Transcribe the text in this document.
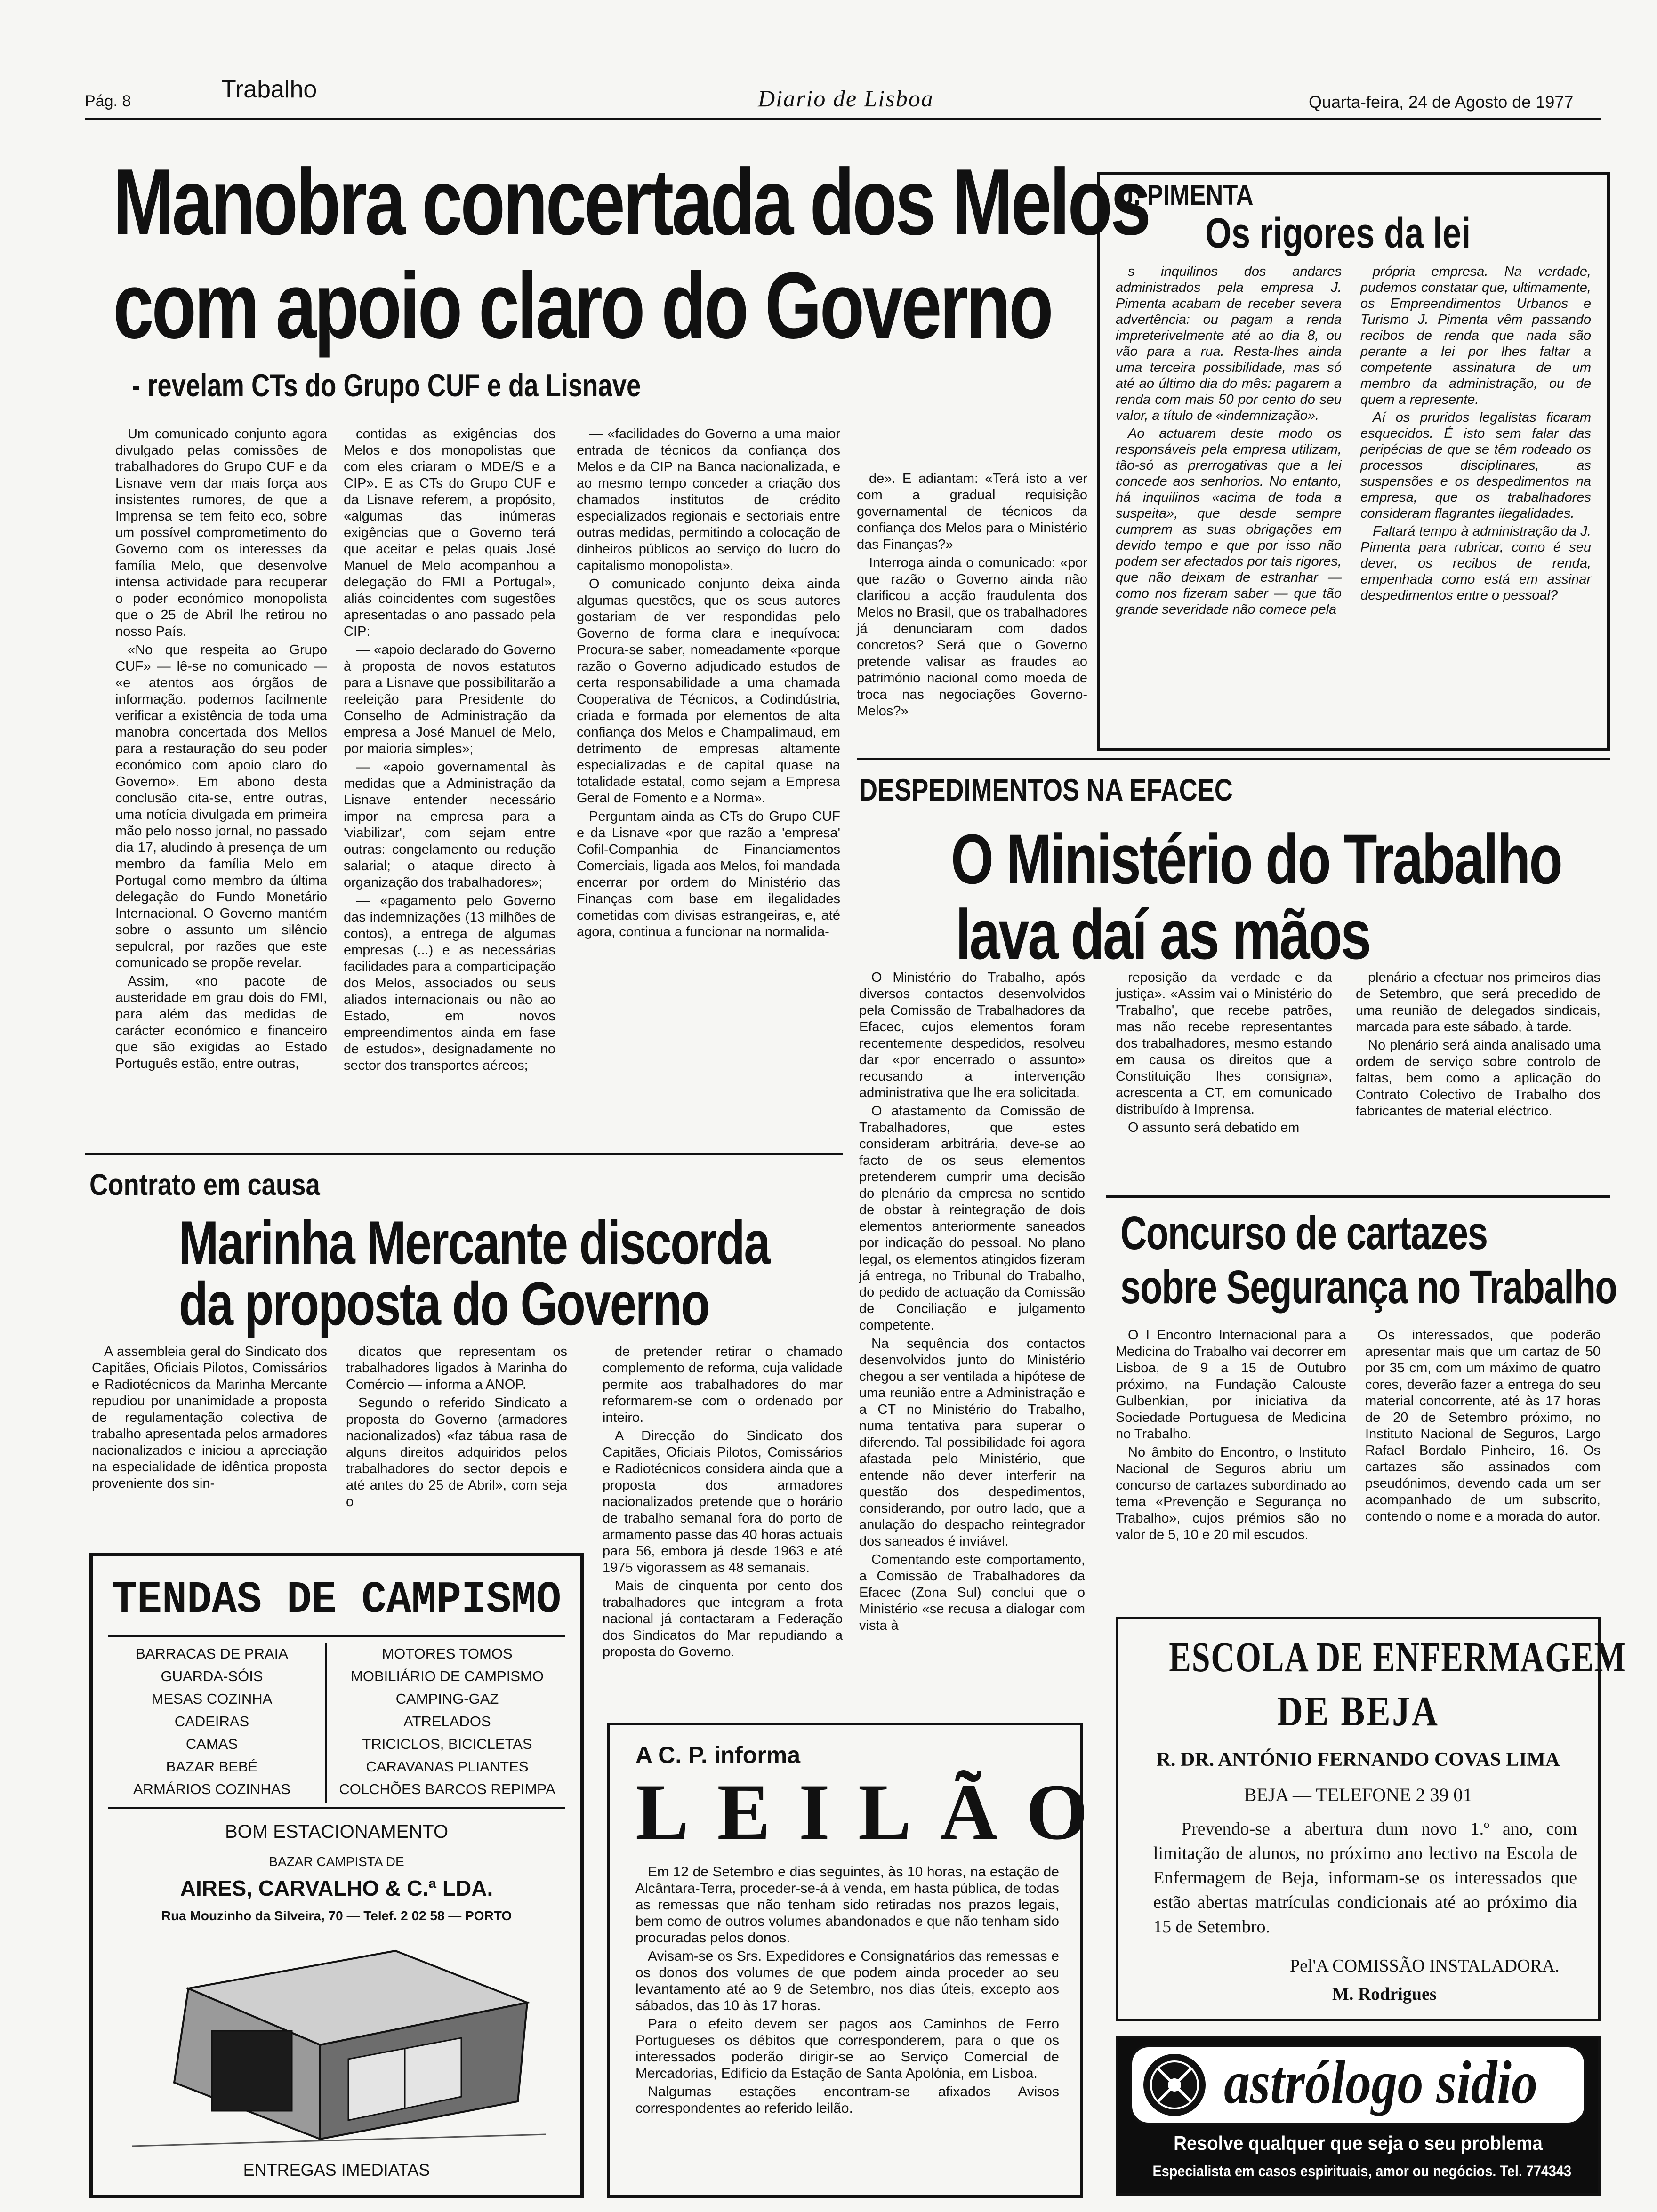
Pág. 8	Trabalho	Diario de Lisboa	Quarta-feira, 24 de Agosto de 1977
Manobra concertada dos Melos
com apoio claro do Governo
- revelam CTs do Grupo CUF e da Lisnave

Um comunicado conjunto agora divulgado pelas comissões de trabalhadores do Grupo CUF e da Lisnave vem dar mais força aos insistentes rumores, de que a Imprensa se tem feito eco, sobre um possível comprometimento do Governo com os interesses da família Melo, que desenvolve intensa actividade para recuperar o poder económico monopolista que o 25 de Abril lhe retirou no nosso País.

«No que respeita ao Grupo CUF» — lê-se no comunicado — «e atentos aos órgãos de informação, podemos facilmente verificar a existência de toda uma manobra concertada dos Mellos para a restauração do seu poder económico com apoio claro do Governo». Em abono desta conclusão cita-se, entre outras, uma notícia divulgada em primeira mão pelo nosso jornal, no passado dia 17, aludindo à presença de um membro da família Melo em Portugal como membro da última delegação do Fundo Monetário Internacional. O Governo mantém sobre o assunto um silêncio sepulcral, por razões que este comunicado se propõe revelar.

Assim, «no pacote de austeridade em grau dois do FMI, para além das medidas de carácter económico e financeiro que são exigidas ao Estado Português estão, entre outras,

contidas as exigências dos Melos e dos monopolistas que com eles criaram o MDE/S e a CIP». E as CTs do Grupo CUF e da Lisnave referem, a propósito, «algumas das inúmeras exigências que o Governo terá que aceitar e pelas quais José Manuel de Melo acompanhou a delegação do FMI a Portugal», aliás coincidentes com sugestões apresentadas o ano passado pela CIP:

— «apoio declarado do Governo à proposta de novos estatutos para a Lisnave que possibilitarão a reeleição para Presidente do Conselho de Administração da empresa a José Manuel de Melo, por maioria simples»;

— «apoio governamental às medidas que a Administração da Lisnave entender necessário impor na empresa para a 'viabilizar', com sejam entre outras: congelamento ou redução salarial; o ataque directo à organização dos trabalhadores»;

— «pagamento pelo Governo das indemnizações (13 milhões de contos), a entrega de algumas empresas (...) e as necessárias facilidades para a comparticipação dos Melos, associados ou seus aliados internacionais ou não ao Estado, em novos empreendimentos ainda em fase de estudos», designadamente no sector dos transportes aéreos;

— «facilidades do Governo a uma maior entrada de técnicos da confiança dos Melos e da CIP na Banca nacionalizada, e ao mesmo tempo conceder a criação dos chamados institutos de crédito especializados regionais e sectoriais entre outras medidas, permitindo a colocação de dinheiros públicos ao serviço do lucro do capitalismo monopolista».

O comunicado conjunto deixa ainda algumas questões, que os seus autores gostariam de ver respondidas pelo Governo de forma clara e inequívoca: Procura-se saber, nomeadamente «porque razão o Governo adjudicado estudos de certa responsabilidade a uma chamada Cooperativa de Técnicos, a Codindústria, criada e formada por elementos de alta confiança dos Melos e Champalimaud, em detrimento de empresas altamente especializadas e de capital quase na totalidade estatal, como sejam a Empresa Geral de Fomento e a Norma».

Perguntam ainda as CTs do Grupo CUF e da Lisnave «por que razão a 'empresa' Cofil-Companhia de Financiamentos Comerciais, ligada aos Melos, foi mandada encerrar por ordem do Ministério das Finanças com base em ilegalidades cometidas com divisas estrangeiras, e, até agora, continua a funcionar na normalida-

de». E adiantam: «Terá isto a ver com a gradual requisição governamental de técnicos da confiança dos Melos para o Ministério das Finanças?»

Interroga ainda o comunicado: «por que razão o Governo ainda não clarificou a acção fraudulenta dos Melos no Brasil, que os trabalhadores já denunciaram com dados concretos? Será que o Governo pretende valisar as fraudes ao património nacional como moeda de troca nas negociações Governo-Melos?»

J. PIMENTA
Os rigores da lei

s inquilinos dos andares administrados pela empresa J. Pimenta acabam de receber severa advertência: ou pagam a renda impreterivelmente até ao dia 8, ou vão para a rua. Resta-lhes ainda uma terceira possibilidade, mas só até ao último dia do mês: pagarem a renda com mais 50 por cento do seu valor, a título de «indemnização».

Ao actuarem deste modo os responsáveis pela empresa utilizam, tão-só as prerrogativas que a lei concede aos senhorios. No entanto, há inquilinos «acima de toda a suspeita», que desde sempre cumprem as suas obrigações em devido tempo e que por isso não podem ser afectados por tais rigores, que não deixam de estranhar — como nos fizeram saber — que tão grande severidade não comece pela

própria empresa. Na verdade, pudemos constatar que, ultimamente, os Empreendimentos Urbanos e Turismo J. Pimenta vêm passando recibos de renda que nada são perante a lei por lhes faltar a competente assinatura de um membro da administração, ou de quem a represente.

Aí os pruridos legalistas ficaram esquecidos. É isto sem falar das peripécias de que se têm rodeado os processos disciplinares, as suspensões e os despedimentos na empresa, que os trabalhadores consideram flagrantes ilegalidades.

Faltará tempo à administração da J. Pimenta para rubricar, como é seu dever, os recibos de renda, empenhada como está em assinar despedimentos entre o pessoal?

DESPEDIMENTOS NA EFACEC
O Ministério do Trabalho
lava daí as mãos

O Ministério do Trabalho, após diversos contactos desenvolvidos pela Comissão de Trabalhadores da Efacec, cujos elementos foram recentemente despedidos, resolveu dar «por encerrado o assunto» recusando a intervenção administrativa que lhe era solicitada.

O afastamento da Comissão de Trabalhadores, que estes consideram arbitrária, deve-se ao facto de os seus elementos pretenderem cumprir uma decisão do plenário da empresa no sentido de obstar à reintegração de dois elementos anteriormente saneados por indicação do pessoal. No plano legal, os elementos atingidos fizeram já entrega, no Tribunal do Trabalho, do pedido de actuação da Comissão de Conciliação e julgamento competente.

Na sequência dos contactos desenvolvidos junto do Ministério chegou a ser ventilada a hipótese de uma reunião entre a Administração e a CT no Ministério do Trabalho, numa tentativa para superar o diferendo. Tal possibilidade foi agora afastada pelo Ministério, que entende não dever interferir na questão dos despedimentos, considerando, por outro lado, que a anulação do despacho reintegrador dos saneados é inviável.

Comentando este comportamento, a Comissão de Trabalhadores da Efacec (Zona Sul) conclui que o Ministério «se recusa a dialogar com vista à

reposição da verdade e da justiça». «Assim vai o Ministério do 'Trabalho', que recebe patrões, mas não recebe representantes dos trabalhadores, mesmo estando em causa os direitos que a Constituição lhes consigna», acrescenta a CT, em comunicado distribuído à Imprensa.

O assunto será debatido em

plenário a efectuar nos primeiros dias de Setembro, que será precedido de uma reunião de delegados sindicais, marcada para este sábado, à tarde.

No plenário será ainda analisado uma ordem de serviço sobre controlo de faltas, bem como a aplicação do Contrato Colectivo de Trabalho dos fabricantes de material eléctrico.

Contrato em causa
Marinha Mercante discorda
da proposta do Governo

A assembleia geral do Sindicato dos Capitães, Oficiais Pilotos, Comissários e Radiotécnicos da Marinha Mercante repudiou por unanimidade a proposta de regulamentação colectiva de trabalho apresentada pelos armadores nacionalizados e iniciou a apreciação na especialidade de idêntica proposta proveniente dos sin-

dicatos que representam os trabalhadores ligados à Marinha do Comércio — informa a ANOP.

Segundo o referido Sindicato a proposta do Governo (armadores nacionalizados) «faz tábua rasa de alguns direitos adquiridos pelos trabalhadores do sector depois e até antes do 25 de Abril», com seja o

de pretender retirar o chamado complemento de reforma, cuja validade permite aos trabalhadores do mar reformarem-se com o ordenado por inteiro.

A Direcção do Sindicato dos Capitães, Oficiais Pilotos, Comissários e Radiotécnicos considera ainda que a proposta dos armadores nacionalizados pretende que o horário de trabalho semanal fora do porto de armamento passe das 40 horas actuais para 56, embora já desde 1963 e até 1975 vigorassem as 48 semanais.

Mais de cinquenta por cento dos trabalhadores que integram a frota nacional já contactaram a Federação dos Sindicatos do Mar repudiando a proposta do Governo.

Concurso de cartazes
sobre Segurança no Trabalho

O I Encontro Internacional para a Medicina do Trabalho vai decorrer em Lisboa, de 9 a 15 de Outubro próximo, na Fundação Calouste Gulbenkian, por iniciativa da Sociedade Portuguesa de Medicina no Trabalho.

No âmbito do Encontro, o Instituto Nacional de Seguros abriu um concurso de cartazes subordinado ao tema «Prevenção e Segurança no Trabalho», cujos prémios são no valor de 5, 10 e 20 mil escudos.

Os interessados, que poderão apresentar mais que um cartaz de 50 por 35 cm, com um máximo de quatro cores, deverão fazer a entrega do seu material concorrente, até às 17 horas de 20 de Setembro próximo, no Instituto Nacional de Seguros, Largo Rafael Bordalo Pinheiro, 16. Os cartazes são assinados com pseudónimos, devendo cada um ser acompanhado de um subscrito, contendo o nome e a morada do autor.

TENDAS DE CAMPISMO
BARRACAS DE PRAIA
GUARDA-SÓIS
MESAS COZINHA
CADEIRAS
CAMAS
BAZAR BEBÉ
ARMÁRIOS COZINHAS
MOTORES TOMOS
MOBILIÁRIO DE CAMPISMO
CAMPING-GAZ
ATRELADOS
TRICICLOS, BICICLETAS
CARAVANAS PLIANTES
COLCHÕES BARCOS REPIMPA
BOM ESTACIONAMENTO
BAZAR CAMPISTA DE
AIRES, CARVALHO & C.ª LDA.
Rua Mouzinho da Silveira, 70 — Telef. 2 02 58 — PORTO
ENTREGAS IMEDIATAS
A C. P. informa
LEILÃO

Em 12 de Setembro e dias seguintes, às 10 horas, na estação de Alcântara-Terra, proceder-se-á à venda, em hasta pública, de todas as remessas que não tenham sido retiradas nos prazos legais, bem como de outros volumes abandonados e que não tenham sido procuradas pelos donos.

Avisam-se os Srs. Expedidores e Consignatários das remessas e os donos dos volumes de que podem ainda proceder ao seu levantamento até ao 9 de Setembro, nos dias úteis, excepto aos sábados, das 10 às 17 horas.

Para o efeito devem ser pagos aos Caminhos de Ferro Portugueses os débitos que corresponderem, para o que os interessados poderão dirigir-se ao Serviço Comercial de Mercadorias, Edifício da Estação de Santa Apolónia, em Lisboa.

Nalgumas estações encontram-se afixados Avisos correspondentes ao referido leilão.

ESCOLA DE ENFERMAGEM
DE BEJA
R. DR. ANTÓNIO FERNANDO COVAS LIMA
BEJA — TELEFONE 2 39 01
Prevendo-se a abertura dum novo 1.º ano, com limitação de alunos, no próximo ano lectivo na Escola de Enfermagem de Beja, informam-se os interessados que estão abertas matrículas condicionais até ao próximo dia 15 de Setembro.
Pel'A COMISSÃO INSTALADORA.
M. Rodrigues
astrólogo sidio
Resolve qualquer que seja o seu problema
Especialista em casos espirituais, amor ou negócios. Tel. 774343
